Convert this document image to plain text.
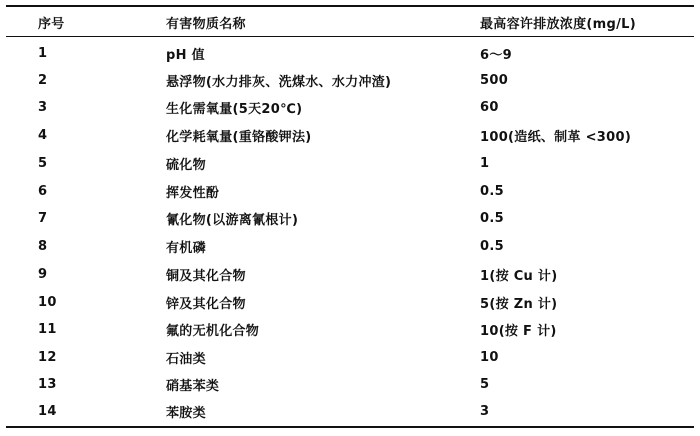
序号	有害物质名称	最高容许排放浓度(mg/L)
1	pH 值	6～9
2	悬浮物(水力排灰、洗煤水、水力冲渣)	500
3	生化需氧量(5天20℃)	60
4	化学耗氧量(重铬酸钾法)	100(造纸、制革 <300)
5	硫化物	1
6	挥发性酚	0.5
7	氰化物(以游离氰根计)	0.5
8	有机磷	0.5
9	铜及其化合物	1(按 Cu 计)
10	锌及其化合物	5(按 Zn 计)
11	氟的无机化合物	10(按 F 计)
12	石油类	10
13	硝基苯类	5
14	苯胺类	3
